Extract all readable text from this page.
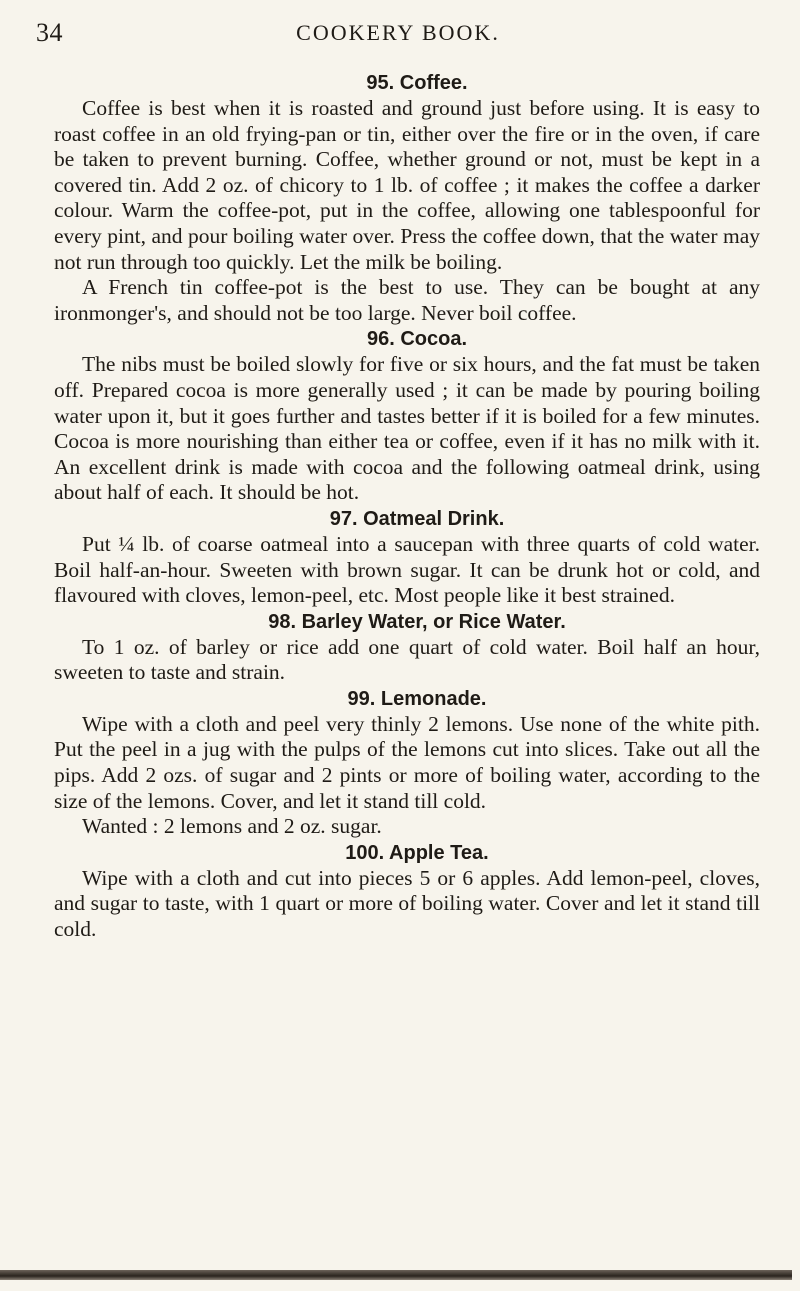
34	COOKERY BOOK.
95. Coffee.

Coffee is best when it is roasted and ground just before using. It is easy to roast coffee in an old frying-pan or tin, either over the fire or in the oven, if care be taken to prevent burning. Coffee, whether ground or not, must be kept in a covered tin. Add 2 oz. of chicory to 1 lb. of coffee ; it makes the coffee a darker colour. Warm the coffee-pot, put in the coffee, allowing one tablespoonful for every pint, and pour boiling water over. Press the coffee down, that the water may not run through too quickly. Let the milk be boiling.

A French tin coffee-pot is the best to use. They can be bought at any ironmonger's, and should not be too large. Never boil coffee.

96. Cocoa.

The nibs must be boiled slowly for five or six hours, and the fat must be taken off. Prepared cocoa is more generally used ; it can be made by pouring boiling water upon it, but it goes further and tastes better if it is boiled for a few minutes. Cocoa is more nourishing than either tea or coffee, even if it has no milk with it. An excellent drink is made with cocoa and the following oatmeal drink, using about half of each. It should be hot.

97. Oatmeal Drink.

Put ¼ lb. of coarse oatmeal into a saucepan with three quarts of cold water. Boil half-an-hour. Sweeten with brown sugar. It can be drunk hot or cold, and flavoured with cloves, lemon-peel, etc. Most people like it best strained.

98. Barley Water, or Rice Water.

To 1 oz. of barley or rice add one quart of cold water. Boil half an hour, sweeten to taste and strain.

99. Lemonade.

Wipe with a cloth and peel very thinly 2 lemons. Use none of the white pith. Put the peel in a jug with the pulps of the lemons cut into slices. Take out all the pips. Add 2 ozs. of sugar and 2 pints or more of boiling water, according to the size of the lemons. Cover, and let it stand till cold.

Wanted : 2 lemons and 2 oz. sugar.

100. Apple Tea.

Wipe with a cloth and cut into pieces 5 or 6 apples. Add lemon-peel, cloves, and sugar to taste, with 1 quart or more of boiling water. Cover and let it stand till cold.
